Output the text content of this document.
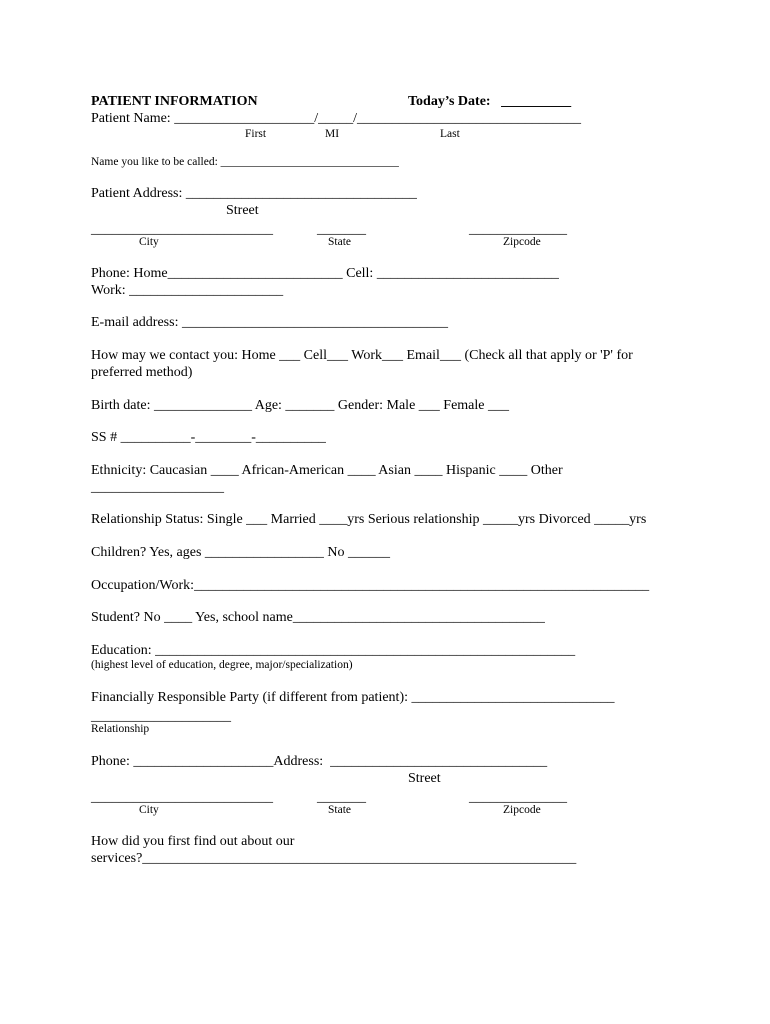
PATIENT INFORMATION	Today’s Date:   __________
Patient Name: ____________________/_____/________________________________
First	MI	Last
Name you like to be called: _______________________________
Patient Address: _________________________________
Street
__________________________	_______	______________
City	State	Zipcode
Phone: Home_________________________ Cell: __________________________
Work: ______________________
E-mail address: ______________________________________
How may we contact you: Home ___ Cell___ Work___ Email___ (Check all that apply or 'P' for
preferred method)
Birth date: ______________ Age: _______ Gender: Male ___ Female ___
SS # __________-________-__________
Ethnicity: Caucasian ____ African-American ____ Asian ____ Hispanic ____ Other
___________________
Relationship Status: Single ___ Married ____yrs Serious relationship _____yrs Divorced _____yrs
Children? Yes, ages _________________ No ______
Occupation/Work:_________________________________________________________________
Student? No ____ Yes, school name____________________________________
Education: ____________________________________________________________
(highest level of education, degree, major/specialization)
Financially Responsible Party (if different from patient): _____________________________
____________________
Relationship
Phone: ____________________Address:  _______________________________
Street
__________________________	_______	______________
City	State	Zipcode
How did you first find out about our
services?______________________________________________________________
